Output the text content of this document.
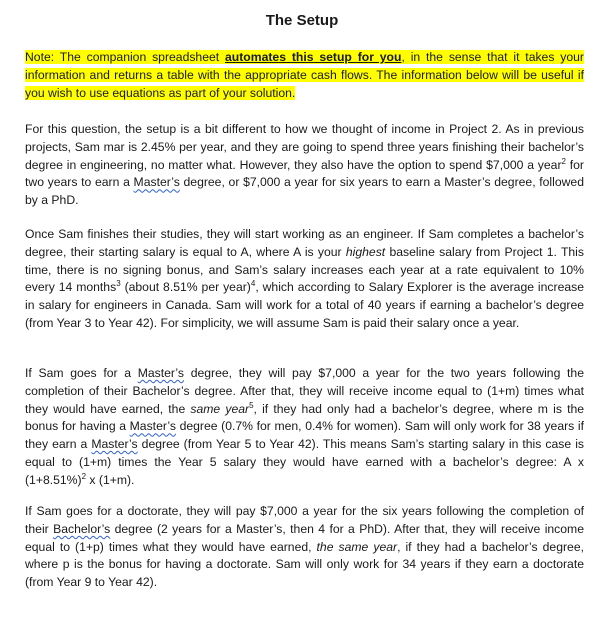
The Setup

Note: The companion spreadsheet automates this setup for you, in the sense that it takes your information and returns a table with the appropriate cash flows. The information below will be useful if you wish to use equations as part of your solution.

For this question, the setup is a bit different to how we thought of income in Project 2. As in previous projects, Sam mar is 2.45% per year, and they are going to spend three years finishing their bachelor’s degree in engineering, no matter what. However, they also have the option to spend $7,000 a year$^2$ for two years to earn a Master’s degree, or $7,000 a year for six years to earn a Master’s degree, followed by a PhD.

Once Sam finishes their studies, they will start working as an engineer. If Sam completes a bachelor’s degree, their starting salary is equal to A, where A is your highest baseline salary from Project 1. This time, there is no signing bonus, and Sam’s salary increases each year at a rate equivalent to 10% every 14 months$^3$ (about 8.51% per year)$^4$, which according to Salary Explorer is the average increase in salary for engineers in Canada. Sam will work for a total of 40 years if earning a bachelor’s degree (from Year 3 to Year 42). For simplicity, we will assume Sam is paid their salary once a year.

If Sam goes for a Master’s degree, they will pay $7,000 a year for the two years following the completion of their Bachelor’s degree. After that, they will receive income equal to (1+m) times what they would have earned, the same year$^5$, if they had only had a bachelor’s degree, where m is the bonus for having a Master’s degree (0.7% for men, 0.4% for women). Sam will only work for 38 years if they earn a Master’s degree (from Year 5 to Year 42). This means Sam’s starting salary in this case is equal to (1+m) times the Year 5 salary they would have earned with a bachelor’s degree: A x $(1+8.51\%)^2$ x (1+m).

If Sam goes for a doctorate, they will pay $7,000 a year for the six years following the completion of their Bachelor’s degree (2 years for a Master’s, then 4 for a PhD). After that, they will receive income equal to (1+p) times what they would have earned, the same year, if they had a bachelor’s degree, where p is the bonus for having a doctorate. Sam will only work for 34 years if they earn a doctorate (from Year 9 to Year 42).
